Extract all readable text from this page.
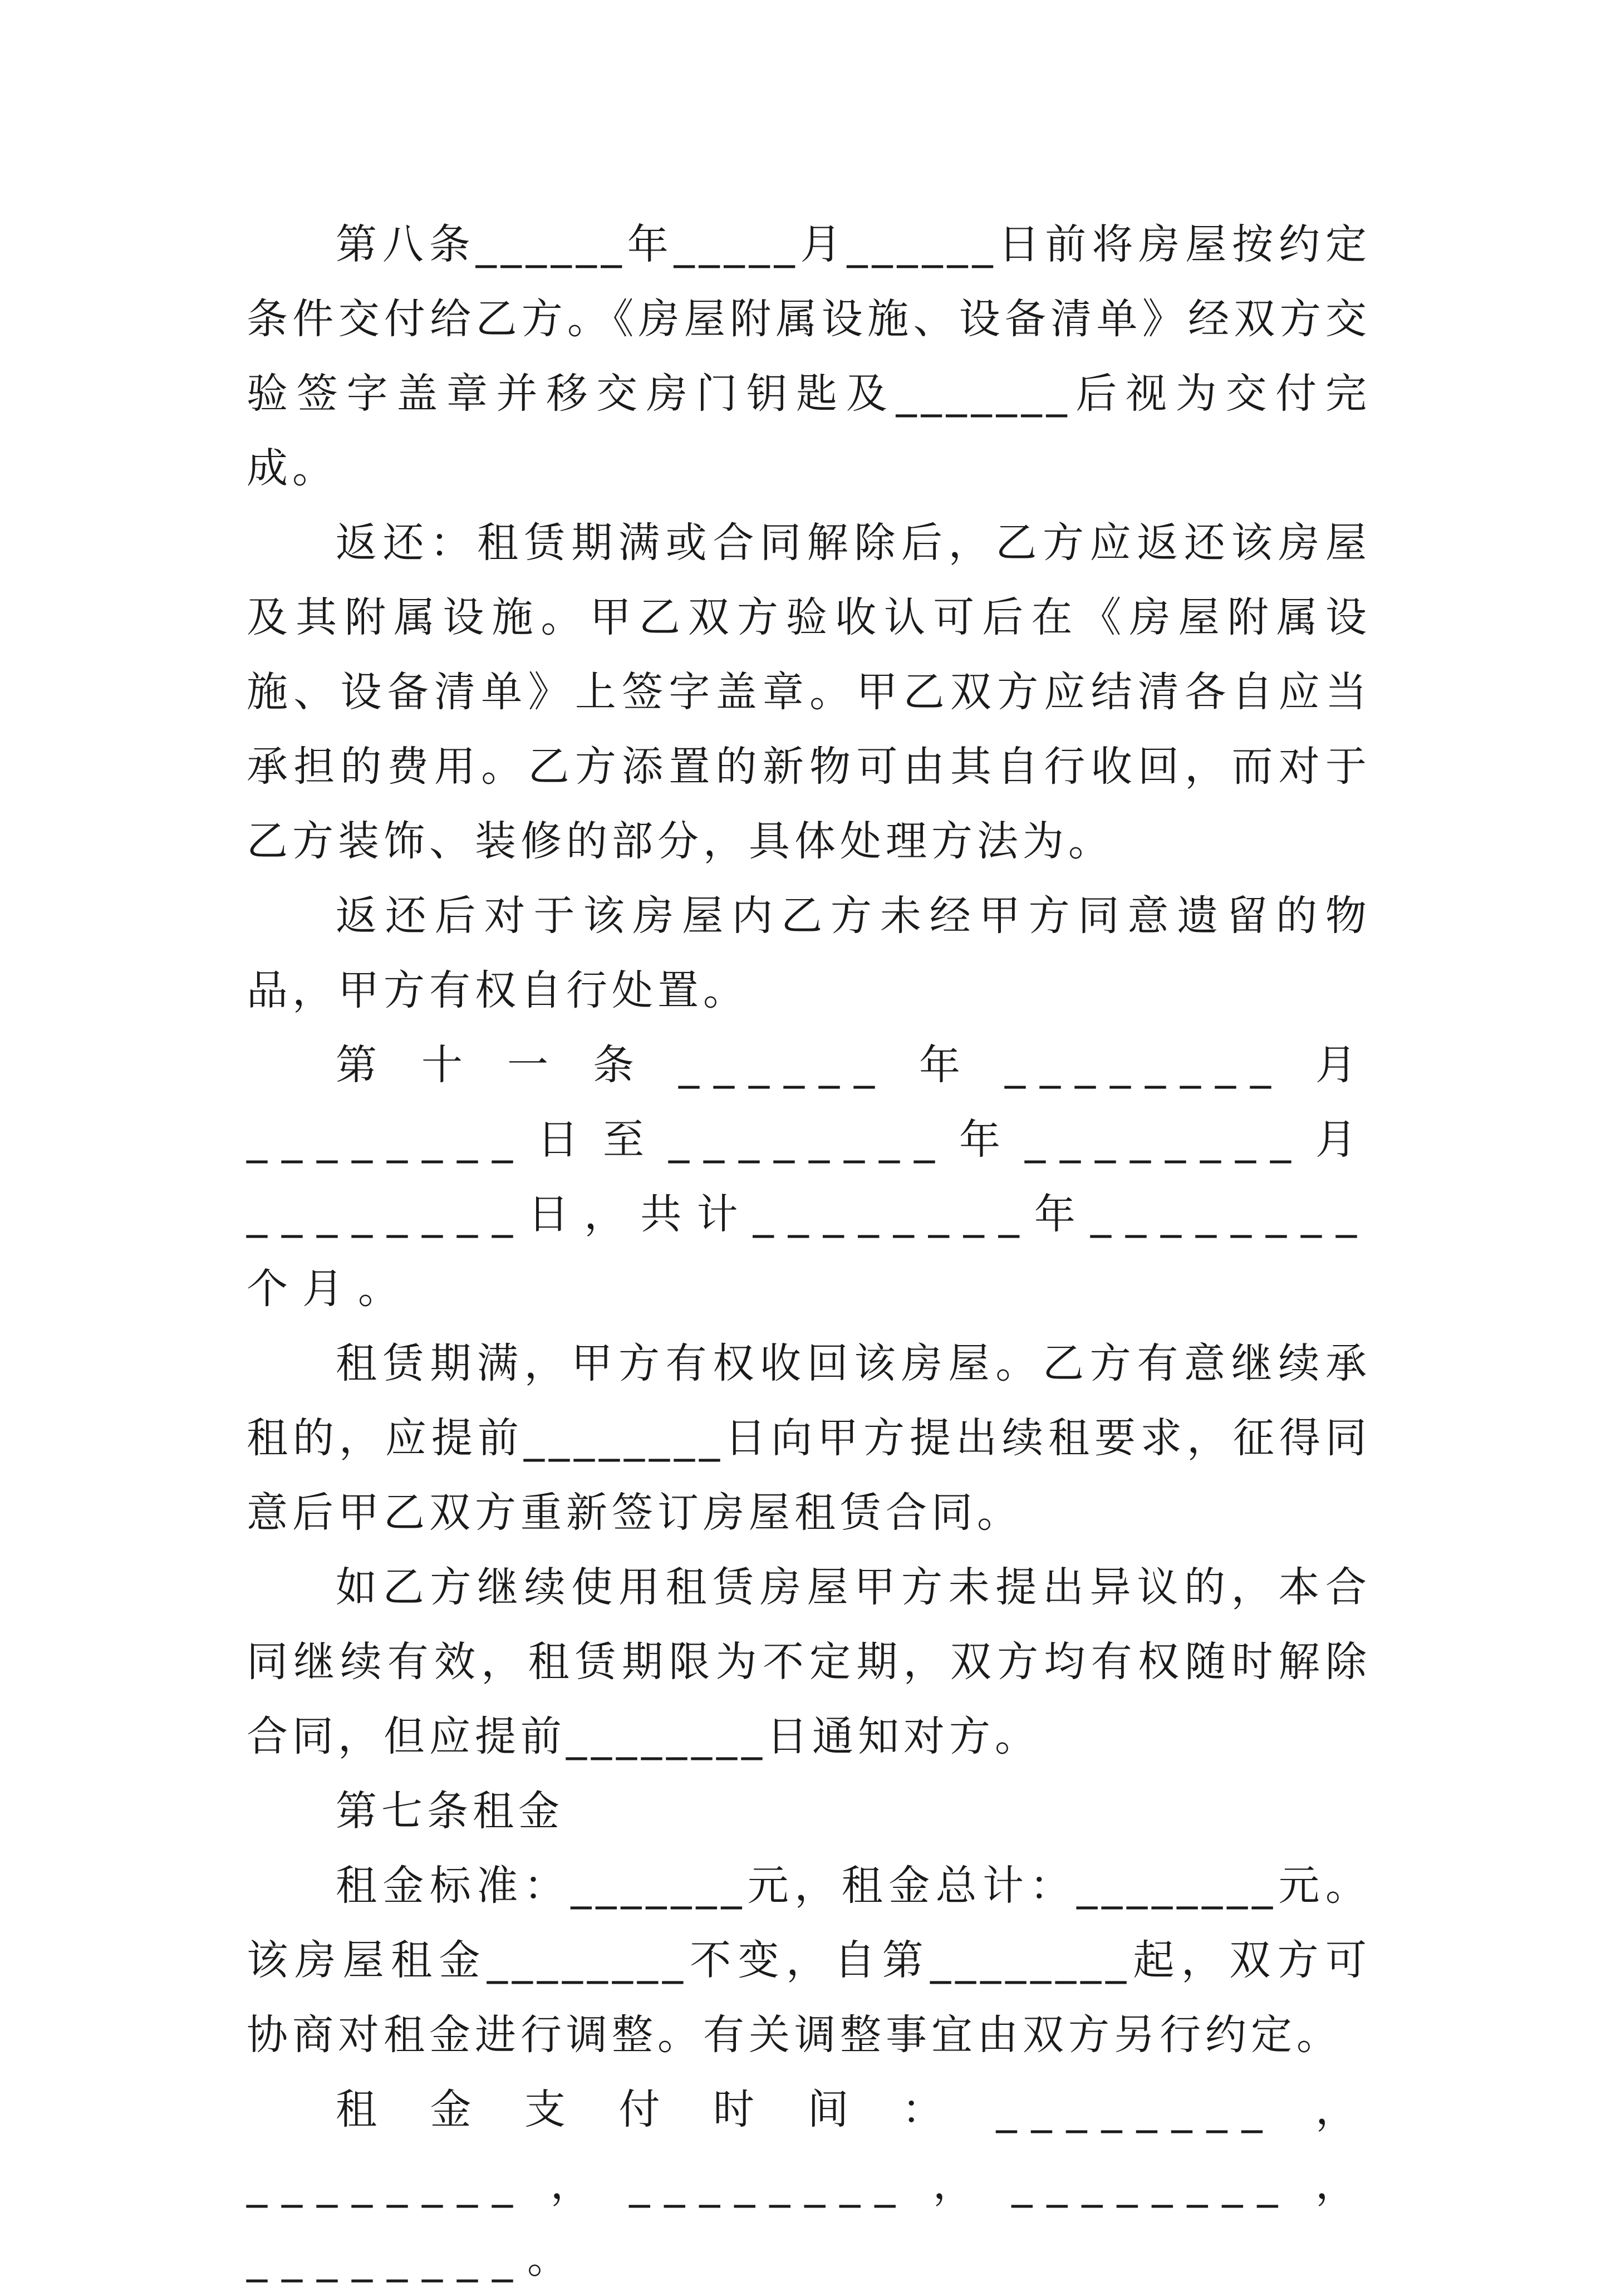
第八条______年_____月______日前将房屋按约定条件交付给乙方。《房屋附属设施、设备清单》经双方交验签字盖章并移交房门钥匙及_______后视为交付完成。

返还：租赁期满或合同解除后，乙方应返还该房屋及其附属设施。甲乙双方验收认可后在《房屋附属设施、设备清单》上签字盖章。甲乙双方应结清各自应当承担的费用。乙方添置的新物可由其自行收回，而对于乙方装饰、装修的部分，具体处理方法为。

返还后对于该房屋内乙方未经甲方同意遗留的物品，甲方有权自行处置。

第十一条______年________月________日至________年________月________日，共计________年________个月。

租赁期满，甲方有权收回该房屋。乙方有意继续承租的，应提前________日向甲方提出续租要求，征得同意后甲乙双方重新签订房屋租赁合同。

如乙方继续使用租赁房屋甲方未提出异议的，本合同继续有效，租赁期限为不定期，双方均有权随时解除合同，但应提前________日通知对方。

第七条租金

租金标准：_______元，租金总计：________元。该房屋租金________不变，自第________起，双方可协商对租金进行调整。有关调整事宜由双方另行约定。

租金支付时间：________，________，________，________，________。
